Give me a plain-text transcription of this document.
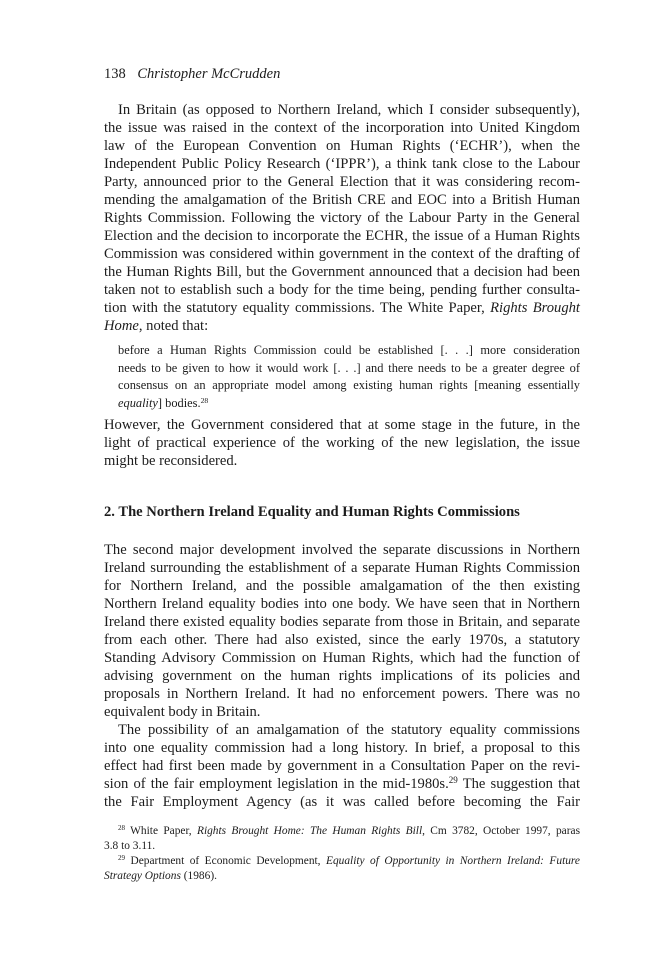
138 Christopher McCrudden
In Britain (as opposed to Northern Ireland, which I consider subsequently),
the issue was raised in the context of the incorporation into United Kingdom
law of the European Convention on Human Rights (‘ECHR’), when the
Independent Public Policy Research (‘IPPR’), a think tank close to the Labour
Party, announced prior to the General Election that it was considering recom-
mending the amalgamation of the British CRE and EOC into a British Human
Rights Commission. Following the victory of the Labour Party in the General
Election and the decision to incorporate the ECHR, the issue of a Human Rights
Commission was considered within government in the context of the drafting of
the Human Rights Bill, but the Government announced that a decision had been
taken not to establish such a body for the time being, pending further consulta-
tion with the statutory equality commissions. The White Paper, Rights Brought
Home, noted that:
before a Human Rights Commission could be established [. . .] more consideration
needs to be given to how it would work [. . .] and there needs to be a greater degree of
consensus on an appropriate model among existing human rights [meaning essentially
equality] bodies.$^{28}$
However, the Government considered that at some stage in the future, in the
light of practical experience of the working of the new legislation, the issue
might be reconsidered.
2. The Northern Ireland Equality and Human Rights Commissions
The second major development involved the separate discussions in Northern
Ireland surrounding the establishment of a separate Human Rights Commission
for Northern Ireland, and the possible amalgamation of the then existing
Northern Ireland equality bodies into one body. We have seen that in Northern
Ireland there existed equality bodies separate from those in Britain, and separate
from each other. There had also existed, since the early 1970s, a statutory
Standing Advisory Commission on Human Rights, which had the function of
advising government on the human rights implications of its policies and
proposals in Northern Ireland. It had no enforcement powers. There was no
equivalent body in Britain.
The possibility of an amalgamation of the statutory equality commissions
into one equality commission had a long history. In brief, a proposal to this
effect had first been made by government in a Consultation Paper on the revi-
sion of the fair employment legislation in the mid-1980s.$^{29}$ The suggestion that
the Fair Employment Agency (as it was called before becoming the Fair
$^{28}$ White Paper, Rights Brought Home: The Human Rights Bill, Cm 3782, October 1997, paras
3.8 to 3.11.
$^{29}$ Department of Economic Development, Equality of Opportunity in Northern Ireland: Future
Strategy Options (1986).
